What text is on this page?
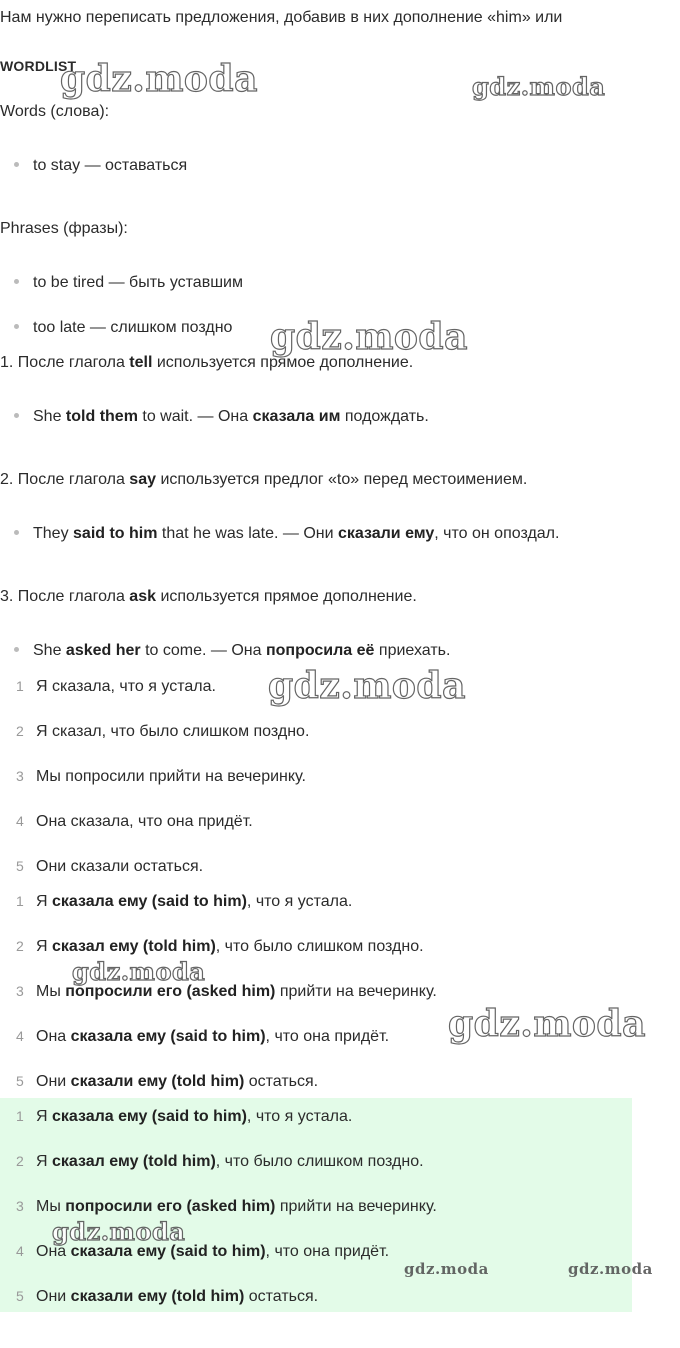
Нам нужно переписать предложения, добавив в них дополнение «him» или
WORDLIST
Words (слова):
to stay — оставаться
Phrases (фразы):
to be tired — быть уставшим
too late — слишком поздно
1. После глагола tell используется прямое дополнение.
She told them to wait. — Она сказала им подождать.
2. После глагола say используется предлог «to» перед местоимением.
They said to him that he was late. — Они сказали ему, что он опоздал.
3. После глагола ask используется прямое дополнение.
She asked her to come. — Она попросила её приехать.
1 Я сказала, что я устала.
2 Я сказал, что было слишком поздно.
3 Мы попросили прийти на вечеринку.
4 Она сказала, что она придёт.
5 Они сказали остаться.
1 Я сказала ему (said to him), что я устала.
2 Я сказал ему (told him), что было слишком поздно.
3 Мы попросили его (asked him) прийти на вечеринку.
4 Она сказала ему (said to him), что она придёт.
5 Они сказали ему (told him) остаться.
1 Я сказала ему (said to him), что я устала.
2 Я сказал ему (told him), что было слишком поздно.
3 Мы попросили его (asked him) прийти на вечеринку.
4 Она сказала ему (said to him), что она придёт.
5 Они сказали ему (told him) остаться.
gdz.moda	gdz.moda
gdz.moda
gdz.moda
gdz.moda
gdz.moda
gdz.moda
gdz.moda	gdz.moda
